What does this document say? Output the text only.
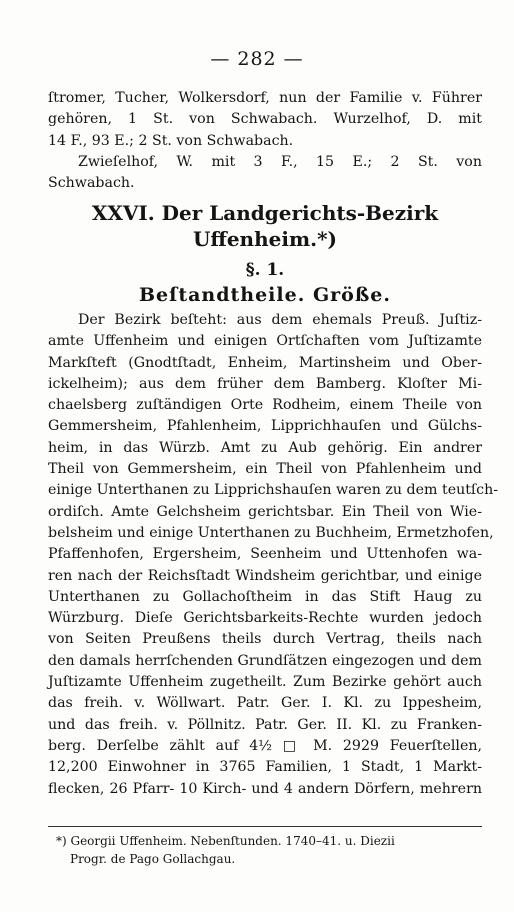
— 282 —
ſtromer, Tucher, Wolkersdorf, nun der Familie v. Führer
gehören, 1 St. von Schwabach. Wurzelhof, D. mit
14 F., 93 E.; 2 St. von Schwabach.
Zwieſelhof, W. mit 3 F., 15 E.; 2 St. von
Schwabach.
XXVI. Der Landgerichts-Bezirk
Uffenheim.*)
§. 1.
Beſtandtheile. Größe.
Der Bezirk beſteht: aus dem ehemals Preuß. Juſtiz-
amte Uffenheim und einigen Ortſchaften vom Juſtizamte
Markſteft (Gnodtſtadt, Enheim, Martinsheim und Ober-
ickelheim); aus dem früher dem Bamberg. Kloſter Mi-
chaelsberg zuſtändigen Orte Rodheim, einem Theile von
Gemmersheim, Pfahlenheim, Lipprichhauſen und Gülchs-
heim, in das Würzb. Amt zu Aub gehörig. Ein andrer
Theil von Gemmersheim, ein Theil von Pfahlenheim und
einige Unterthanen zu Lipprichshauſen waren zu dem teutſch-
ordiſch. Amte Gelchsheim gerichtsbar. Ein Theil von Wie-
belsheim und einige Unterthanen zu Buchheim, Ermetzhofen,
Pfaffenhofen, Ergersheim, Seenheim und Uttenhofen wa-
ren nach der Reichsſtadt Windsheim gerichtbar, und einige
Unterthanen zu Gollachoſtheim in das Stift Haug zu
Würzburg. Dieſe Gerichtsbarkeits-Rechte wurden jedoch
von Seiten Preußens theils durch Vertrag, theils nach
den damals herrſchenden Grundſätzen eingezogen und dem
Juſtizamte Uffenheim zugetheilt. Zum Bezirke gehört auch
das freih. v. Wöllwart. Patr. Ger. I. Kl. zu Ippesheim,
und das freih. v. Pöllnitz. Patr. Ger. II. Kl. zu Franken-
berg. Derſelbe zählt auf 4½ □ M. 2929 Feuerſtellen,
12,200 Einwohner in 3765 Familien, 1 Stadt, 1 Markt-
flecken, 26 Pfarr- 10 Kirch- und 4 andern Dörfern, mehrern
*) Georgii Uffenheim. Nebenſtunden. 1740–41. u. Diezii
Progr. de Pago Gollachgau.
